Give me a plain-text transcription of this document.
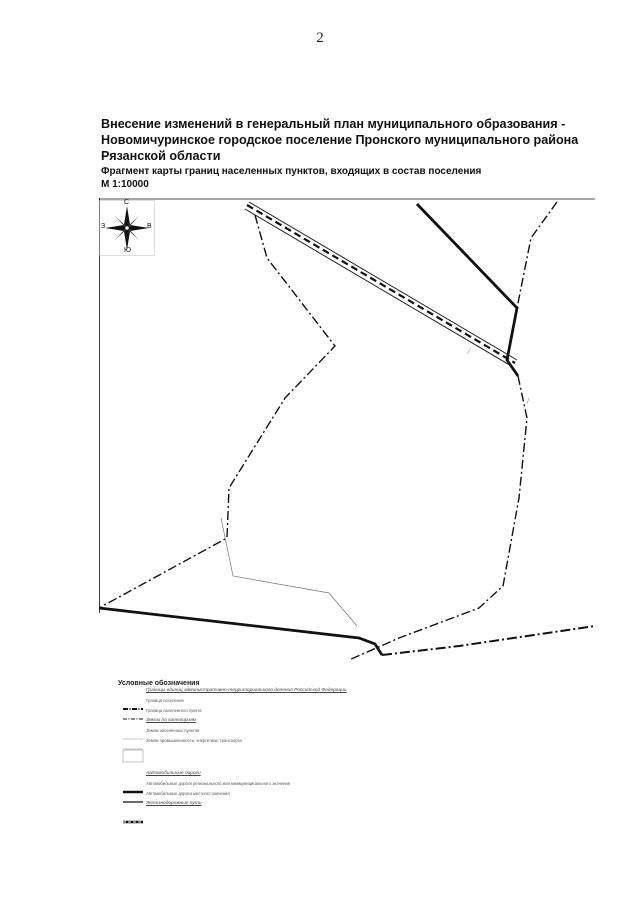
2
Внесение изменений в генеральный план муниципального образования - Новомичуринское городское поселение Пронского муниципального района Рязанской области
Фрагмент карты границ населенных пунктов, входящих в состав поселения
М 1:10000
С
Ю
З	В
Условные обозначения
Границы единиц административно-территориального деления Российской Федерации
Граница поселения
Граница населенного пункта
Земли по категориям
Земли населенных пунктов
Земли промышленности, энергетики, транспорта
Автомобильные дороги
Автомобильные дороги регионального или межмуниципального значения
Автомобильные дороги местного значения
Железнодорожные пути
